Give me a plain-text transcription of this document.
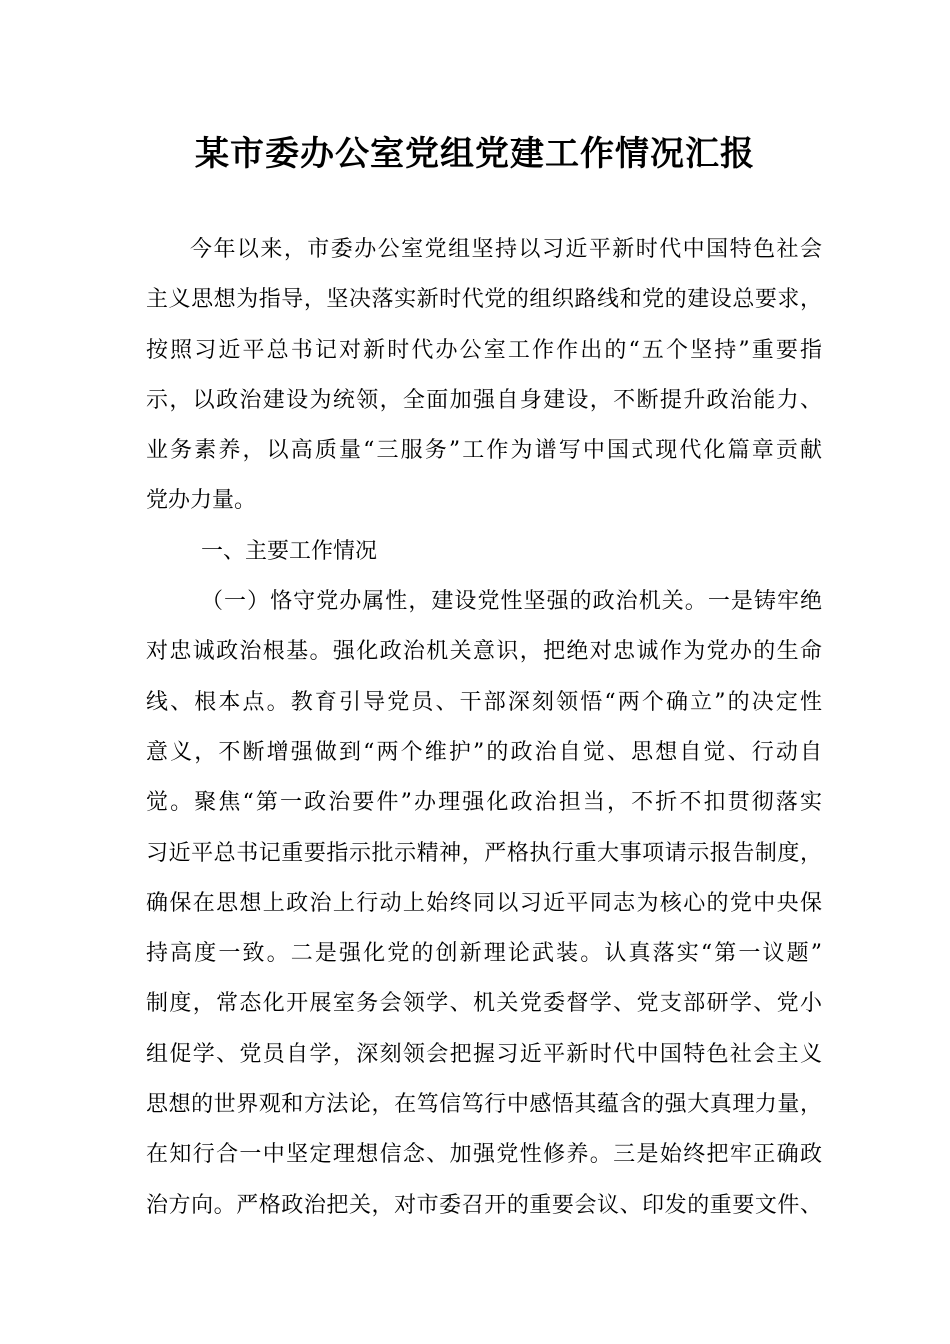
某市委办公室党组党建工作情况汇报
今年以来，市委办公室党组坚持以习近平新时代中国特色社会
主义思想为指导，坚决落实新时代党的组织路线和党的建设总要求，
按照习近平总书记对新时代办公室工作作出的“五个坚持”重要指
示，以政治建设为统领，全面加强自身建设，不断提升政治能力、
业务素养，以高质量“三服务”工作为谱写中国式现代化篇章贡献
党办力量。
一、主要工作情况
（一）恪守党办属性，建设党性坚强的政治机关。一是铸牢绝
对忠诚政治根基。强化政治机关意识，把绝对忠诚作为党办的生命
线、根本点。教育引导党员、干部深刻领悟“两个确立”的决定性
意义，不断增强做到“两个维护”的政治自觉、思想自觉、行动自
觉。聚焦“第一政治要件”办理强化政治担当，不折不扣贯彻落实
习近平总书记重要指示批示精神，严格执行重大事项请示报告制度，
确保在思想上政治上行动上始终同以习近平同志为核心的党中央保
持高度一致。二是强化党的创新理论武装。认真落实“第一议题”
制度，常态化开展室务会领学、机关党委督学、党支部研学、党小
组促学、党员自学，深刻领会把握习近平新时代中国特色社会主义
思想的世界观和方法论，在笃信笃行中感悟其蕴含的强大真理力量，
在知行合一中坚定理想信念、加强党性修养。三是始终把牢正确政
治方向。严格政治把关，对市委召开的重要会议、印发的重要文件、
